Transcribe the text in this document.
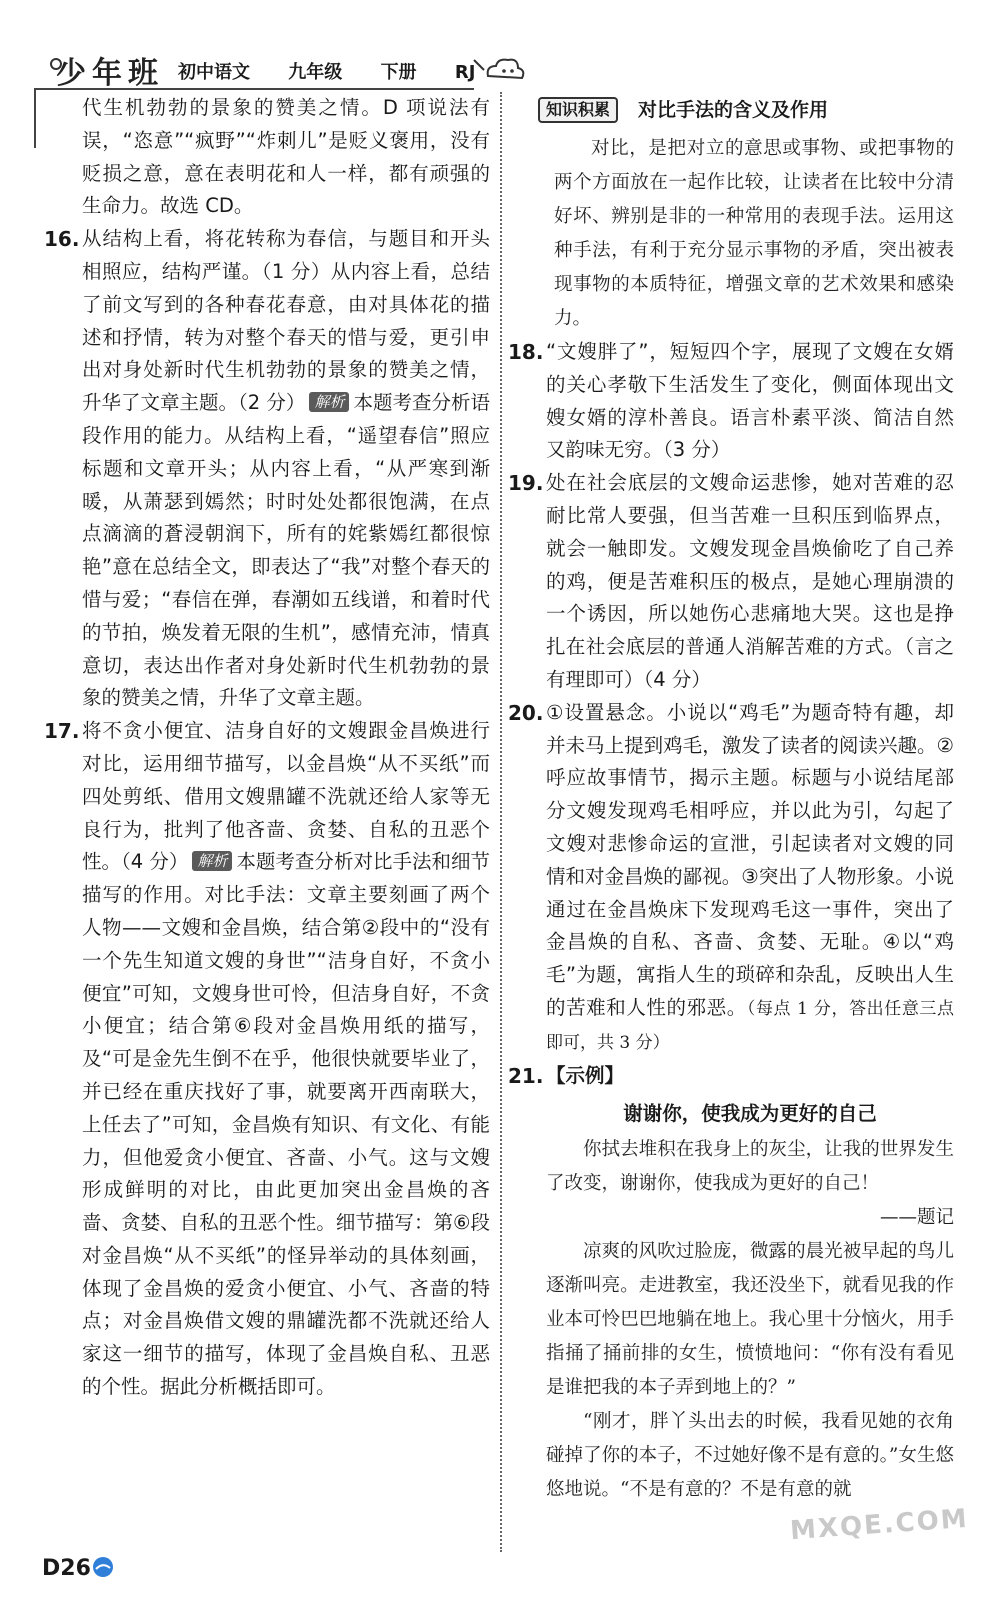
少年班 初中语文 九年级 下册 RJ

代生机勃勃的景象的赞美之情。D 项说法有误，“恣意”“疯野”“炸刺儿”是贬义褒用，没有贬损之意，意在表明花和人一样，都有顽强的生命力。故选 CD。

16. 从结构上看，将花转称为春信，与题目和开头相照应，结构严谨。（1 分）从内容上看，总结了前文写到的各种春花春意，由对具体花的描述和抒情，转为对整个春天的惜与爱，更引申出对身处新时代生机勃勃的景象的赞美之情，升华了文章主题。（2 分） 解析 本题考查分析语段作用的能力。从结构上看，“遥望春信”照应标题和文章开头；从内容上看，“从严寒到渐暖，从萧瑟到嫣然；时时处处都很饱满，在点点滴滴的蒼浸朝润下，所有的姹紫嫣红都很惊艳”意在总结全文，即表达了“我”对整个春天的惜与爱；“春信在弹，春潮如五线谱，和着时代的节拍，焕发着无限的生机”，感情充沛，情真意切，表达出作者对身处新时代生机勃勃的景象的赞美之情，升华了文章主题。
17. 将不贪小便宜、洁身自好的文嫂跟金昌焕进行对比，运用细节描写，以金昌焕“从不买纸”而四处剪纸、借用文嫂鼎罐不洗就还给人家等无良行为，批判了他吝啬、贪婪、自私的丑恶个性。（4 分） 解析 本题考查分析对比手法和细节描写的作用。对比手法：文章主要刻画了两个人物——文嫂和金昌焕，结合第②段中的“没有一个先生知道文嫂的身世”“洁身自好，不贪小便宜”可知，文嫂身世可怜，但洁身自好，不贪小便宜；结合第⑥段对金昌焕用纸的描写，及“可是金先生倒不在乎，他很快就要毕业了，并已经在重庆找好了事，就要离开西南联大，上任去了”可知，金昌焕有知识、有文化、有能力，但他爱贪小便宜、吝啬、小气。这与文嫂形成鲜明的对比，由此更加突出金昌焕的吝啬、贪婪、自私的丑恶个性。细节描写：第⑥段对金昌焕“从不买纸”的怪异举动的具体刻画，体现了金昌焕的爱贪小便宜、小气、吝啬的特点；对金昌焕借文嫂的鼎罐洗都不洗就还给人家这一细节的描写，体现了金昌焕自私、丑恶的个性。据此分析概括即可。
知识积累	对比手法的含义及作用

对比，是把对立的意思或事物、或把事物的两个方面放在一起作比较，让读者在比较中分清好坏、辨别是非的一种常用的表现手法。运用这种手法，有利于充分显示事物的矛盾，突出被表现事物的本质特征，增强文章的艺术效果和感染力。

18. “文嫂胖了”，短短四个字，展现了文嫂在女婿的关心孝敬下生活发生了变化，侧面体现出文嫂女婿的淳朴善良。语言朴素平淡、简洁自然又韵味无穷。（3 分）
19. 处在社会底层的文嫂命运悲惨，她对苦难的忍耐比常人要强，但当苦难一旦积压到临界点，就会一触即发。文嫂发现金昌焕偷吃了自己养的鸡，便是苦难积压的极点，是她心理崩溃的一个诱因，所以她伤心悲痛地大哭。这也是挣扎在社会底层的普通人消解苦难的方式。（言之有理即可）（4 分）
20. ①设置悬念。小说以“鸡毛”为题奇特有趣，却并未马上提到鸡毛，激发了读者的阅读兴趣。②呼应故事情节，揭示主题。标题与小说结尾部分文嫂发现鸡毛相呼应，并以此为引，勾起了文嫂对悲惨命运的宣泄，引起读者对文嫂的同情和对金昌焕的鄙视。③突出了人物形象。小说通过在金昌焕床下发现鸡毛这一事件，突出了金昌焕的自私、吝啬、贪婪、无耻。④以“鸡毛”为题，寓指人生的琐碎和杂乱，反映出人生的苦难和人性的邪恶。（每点 1 分，答出任意三点即可，共 3 分）
21. 【示例】
谢谢你，使我成为更好的自己

你拭去堆积在我身上的灰尘，让我的世界发生了改变，谢谢你，使我成为更好的自己！

——题记

凉爽的风吹过脸庞，微露的晨光被早起的鸟儿逐渐叫亮。走进教室，我还没坐下，就看见我的作业本可怜巴巴地躺在地上。我心里十分恼火，用手指捅了捅前排的女生，愤愤地问：“你有没有看见是谁把我的本子弄到地上的？”

“刚才，胖丫头出去的时候，我看见她的衣角碰掉了你的本子，不过她好像不是有意的。”女生悠悠地说。“不是有意的？不是有意的就

D26
MXQE.COM
